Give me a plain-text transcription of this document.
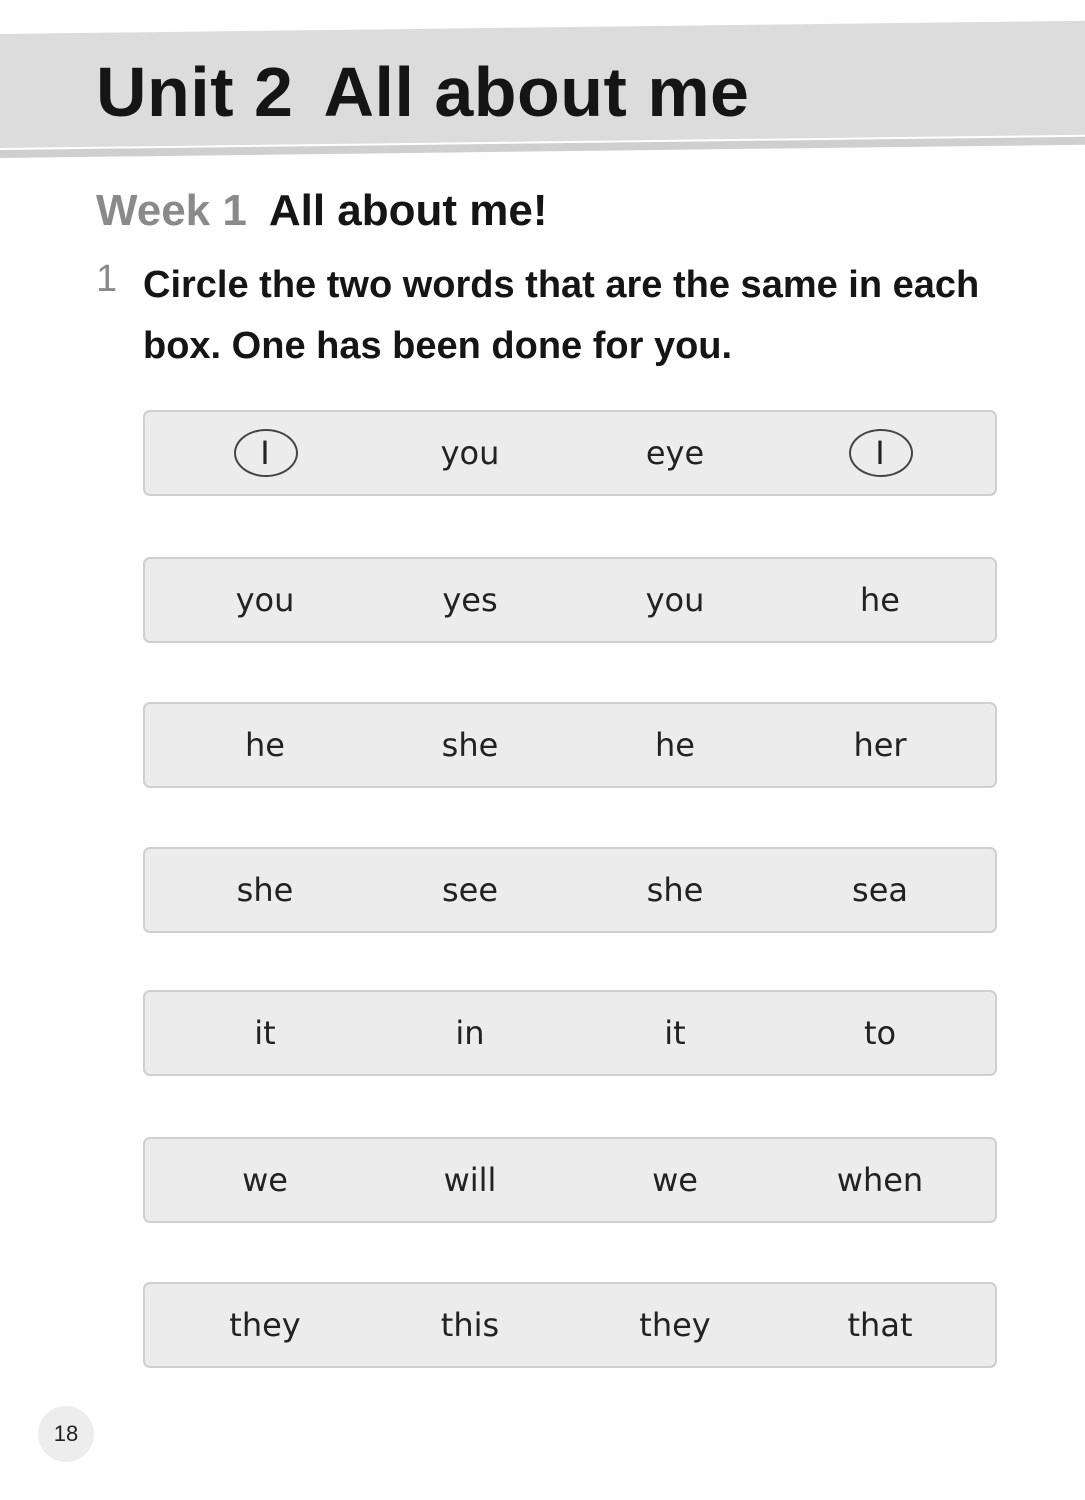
Unit 2 All about me
Week 1 All about me!
1 Circle the two words that are the same in each box. One has been done for you.

I	you	eye	I
you	yes	you	he
he	she	he	her
she	see	she	sea
it	in	it	to
we	will	we	when
they	this	they	that
18
